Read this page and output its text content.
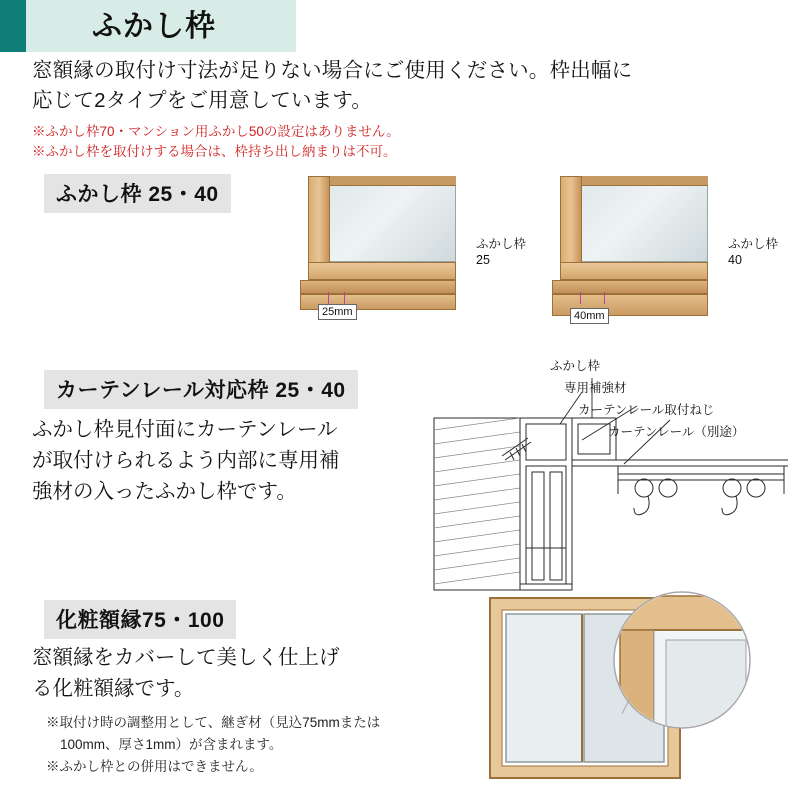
ふかし枠
窓額縁の取付け寸法が足りない場合にご使用ください。枠出幅に
応じて2タイプをご用意しています。
※ふかし枠70・マンション用ふかし50の設定はありません。
※ふかし枠を取付けする場合は、枠持ち出し納まりは不可。
ふかし枠 25・40
25mm
ふかし枠
25
40mm
ふかし枠
40
カーテンレール対応枠 25・40
ふかし枠見付面にカーテンレール
が取付けられるよう内部に専用補
強材の入ったふかし枠です。
ふかし枠
専用補強材
カーテンレール取付ねじ
カーテンレール（別途）
化粧額縁75・100
窓額縁をカバーして美しく仕上げ
る化粧額縁です。
※取付け時の調整用として、継ぎ材（見込75mmまたは
100mm、厚さ1mm）が含まれます。
※ふかし枠との併用はできません。
